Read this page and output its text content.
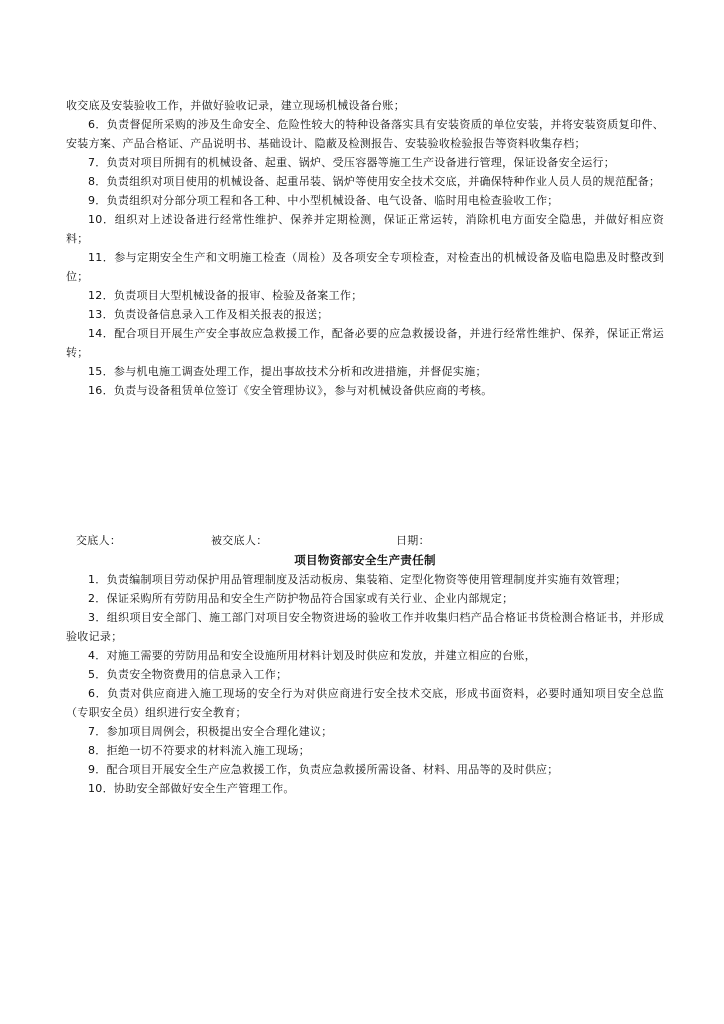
收交底及安装验收工作，并做好验收记录，建立现场机械设备台账；

6．负责督促所采购的涉及生命安全、危险性较大的特种设备落实具有安装资质的单位安装，并将安装资质复印件、安装方案、产品合格证、产品说明书、基础设计、隐蔽及检测报告、安装验收检验报告等资料收集存档；

7．负责对项目所拥有的机械设备、起重、锅炉、受压容器等施工生产设备进行管理，保证设备安全运行；

8．负责组织对项目使用的机械设备、起重吊装、锅炉等使用安全技术交底，并确保特种作业人员人员的规范配备；

9．负责组织对分部分项工程和各工种、中小型机械设备、电气设备、临时用电检查验收工作；

10．组织对上述设备进行经常性维护、保养并定期检测，保证正常运转，消除机电方面安全隐患，并做好相应资料；

11．参与定期安全生产和文明施工检查（周检）及各项安全专项检查，对检查出的机械设备及临电隐患及时整改到位；

12．负责项目大型机械设备的报审、检验及备案工作；

13．负责设备信息录入工作及相关报表的报送；

14．配合项目开展生产安全事故应急救援工作，配备必要的应急救援设备，并进行经常性维护、保养，保证正常运转；

15．参与机电施工调查处理工作，提出事故技术分析和改进措施，并督促实施；

16．负责与设备租赁单位签订《安全管理协议》，参与对机械设备供应商的考核。

交底人：	被交底人：	日期：
项目物资部安全生产责任制

1．负责编制项目劳动保护用品管理制度及活动板房、集装箱、定型化物资等使用管理制度并实施有效管理；

2．保证采购所有劳防用品和安全生产防护物品符合国家或有关行业、企业内部规定；

3．组织项目安全部门、施工部门对项目安全物资进场的验收工作并收集归档产品合格证书货检测合格证书，并形成验收记录；

4．对施工需要的劳防用品和安全设施所用材料计划及时供应和发放，并建立相应的台账，

5．负责安全物资费用的信息录入工作；

6．负责对供应商进入施工现场的安全行为对供应商进行安全技术交底，形成书面资料，必要时通知项目安全总监（专职安全员）组织进行安全教育；

7．参加项目周例会，积极提出安全合理化建议；

8．拒绝一切不符要求的材料流入施工现场；

9．配合项目开展安全生产应急救援工作，负责应急救援所需设备、材料、用品等的及时供应；

10．协助安全部做好安全生产管理工作。
